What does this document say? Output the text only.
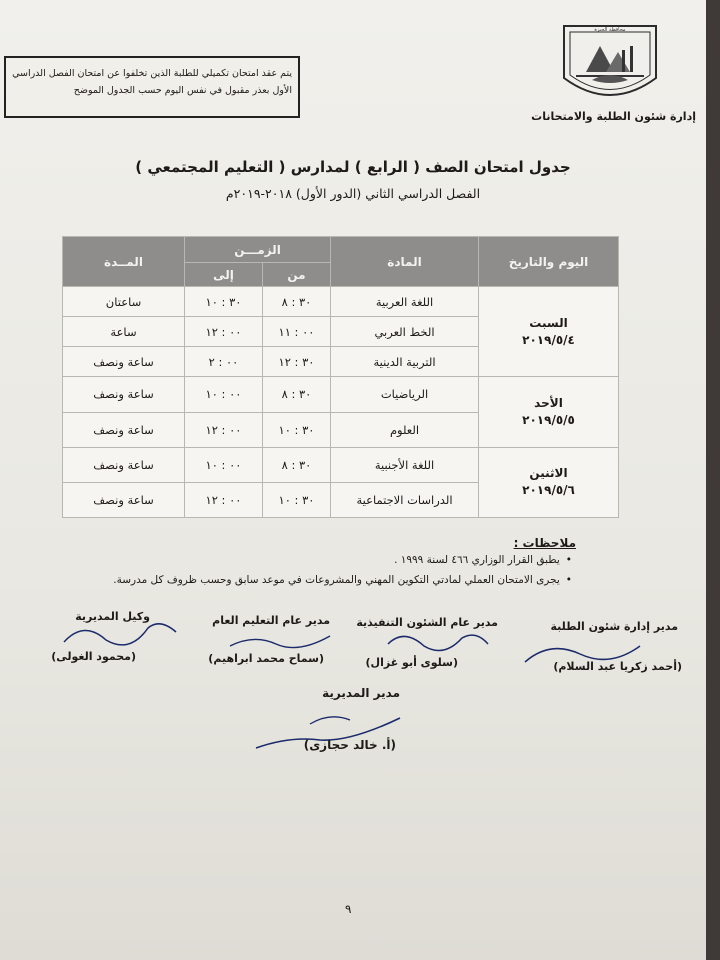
يتم عقد امتحان تكميلي للطلبة الذين تخلفوا عن امتحان الفصل الدراسي الأول بعذر مقبول في نفس اليوم حسب الجدول الموضح
محافظة الجيزة
إدارة شئون الطلبة والامتحانات
جدول امتحان الصف ( الرابع ) لمدارس ( التعليم المجتمعي )
الفصل الدراسي الثاني (الدور الأول) ٢٠١٨-٢٠١٩م
اليوم والتاريخ	المادة	الزمـــن		المــدة
		من	إلى	

السبت
٢٠١٩/٥/٤	اللغة العربية	٣٠ : ٨	٣٠ : ١٠	ساعتان
	الخط العربي	٠٠ : ١١	٠٠ : ١٢	ساعة
	التربية الدينية	٣٠ : ١٢	٠٠ : ٢	ساعة ونصف

الأحد
٢٠١٩/٥/٥	الرياضيات	٣٠ : ٨	٠٠ : ١٠	ساعة ونصف
	العلوم	٣٠ : ١٠	٠٠ : ١٢	ساعة ونصف

الاثنين
٢٠١٩/٥/٦	اللغة الأجنبية	٣٠ : ٨	٠٠ : ١٠	ساعة ونصف
	الدراسات الاجتماعية	٣٠ : ١٠	٠٠ : ١٢	ساعة ونصف
ملاحظات :
• يطبق القرار الوزاري ٤٦٦ لسنة ١٩٩٩ .
• يجرى الامتحان العملي لمادتي التكوين المهني والمشروعات في موعد سابق وحسب ظروف كل مدرسة.
مدير إدارة شئون الطلبة
(أحمد زكريا عبد السلام)
مدير عام الشئون التنفيذية
(سلوى أبو غزال)
مدير عام التعليم العام
(سماح محمد ابراهيم)
وكيل المديرية
(محمود الغولى)
مدير المديرية
(أ. خالد حجازى)
٩
